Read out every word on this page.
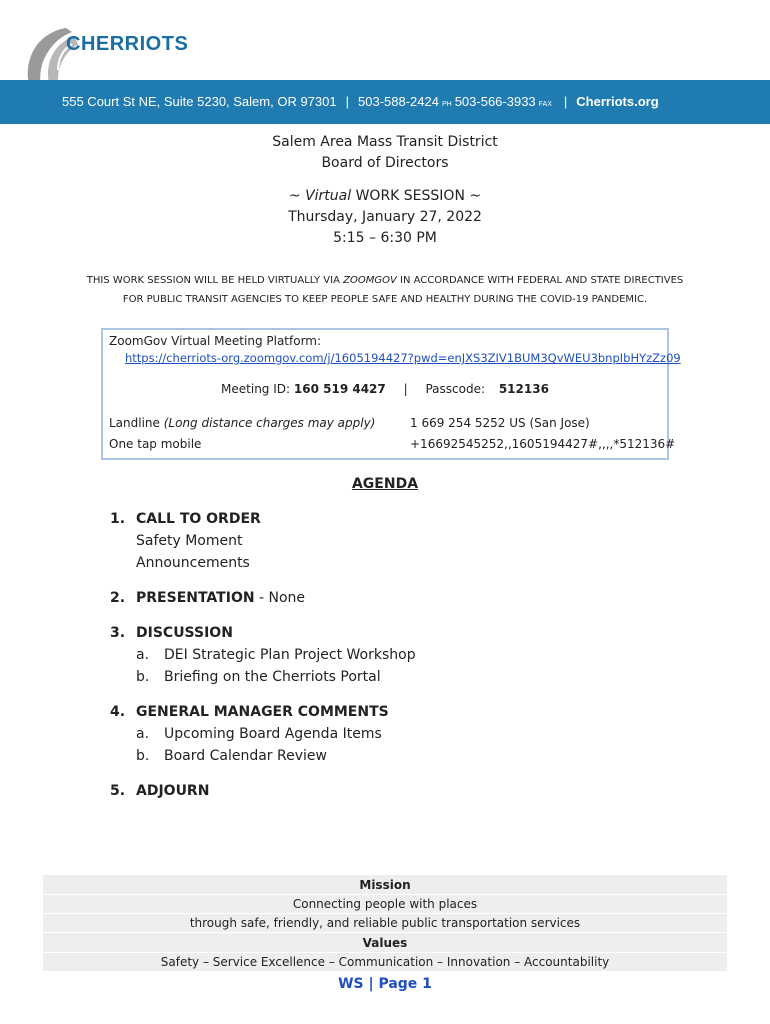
CHERRIOTS
555 Court St NE, Suite 5230, Salem, OR 97301 | 503-588-2424 PH 503-566-3933 FAX | Cherriots.org
Salem Area Mass Transit District
Board of Directors
~ Virtual WORK SESSION ~
Thursday, January 27, 2022
5:15 – 6:30 PM
THIS WORK SESSION WILL BE HELD VIRTUALLY VIA ZOOMGOV IN ACCORDANCE WITH FEDERAL AND STATE DIRECTIVES
FOR PUBLIC TRANSIT AGENCIES TO KEEP PEOPLE SAFE AND HEALTHY DURING THE COVID-19 PANDEMIC.
ZoomGov Virtual Meeting Platform:
https://cherriots-org.zoomgov.com/j/1605194427?pwd=enJXS3ZIV1BUM3QvWEU3bnpIbHYzZz09
Meeting ID: 160 519 4427 | Passcode: 512136
Landline (Long distance charges may apply)	1 669 254 5252 US (San Jose)
One tap mobile	+16692545252,,1605194427#,,,,*512136#
AGENDA
1. CALL TO ORDER
Safety Moment
Announcements
2. PRESENTATION - None
3. DISCUSSION
a. DEI Strategic Plan Project Workshop
b. Briefing on the Cherriots Portal
4. GENERAL MANAGER COMMENTS
a. Upcoming Board Agenda Items
b. Board Calendar Review
5. ADJOURN
Mission
Connecting people with places
through safe, friendly, and reliable public transportation services
Values
Safety – Service Excellence – Communication – Innovation – Accountability
WS | Page 1
